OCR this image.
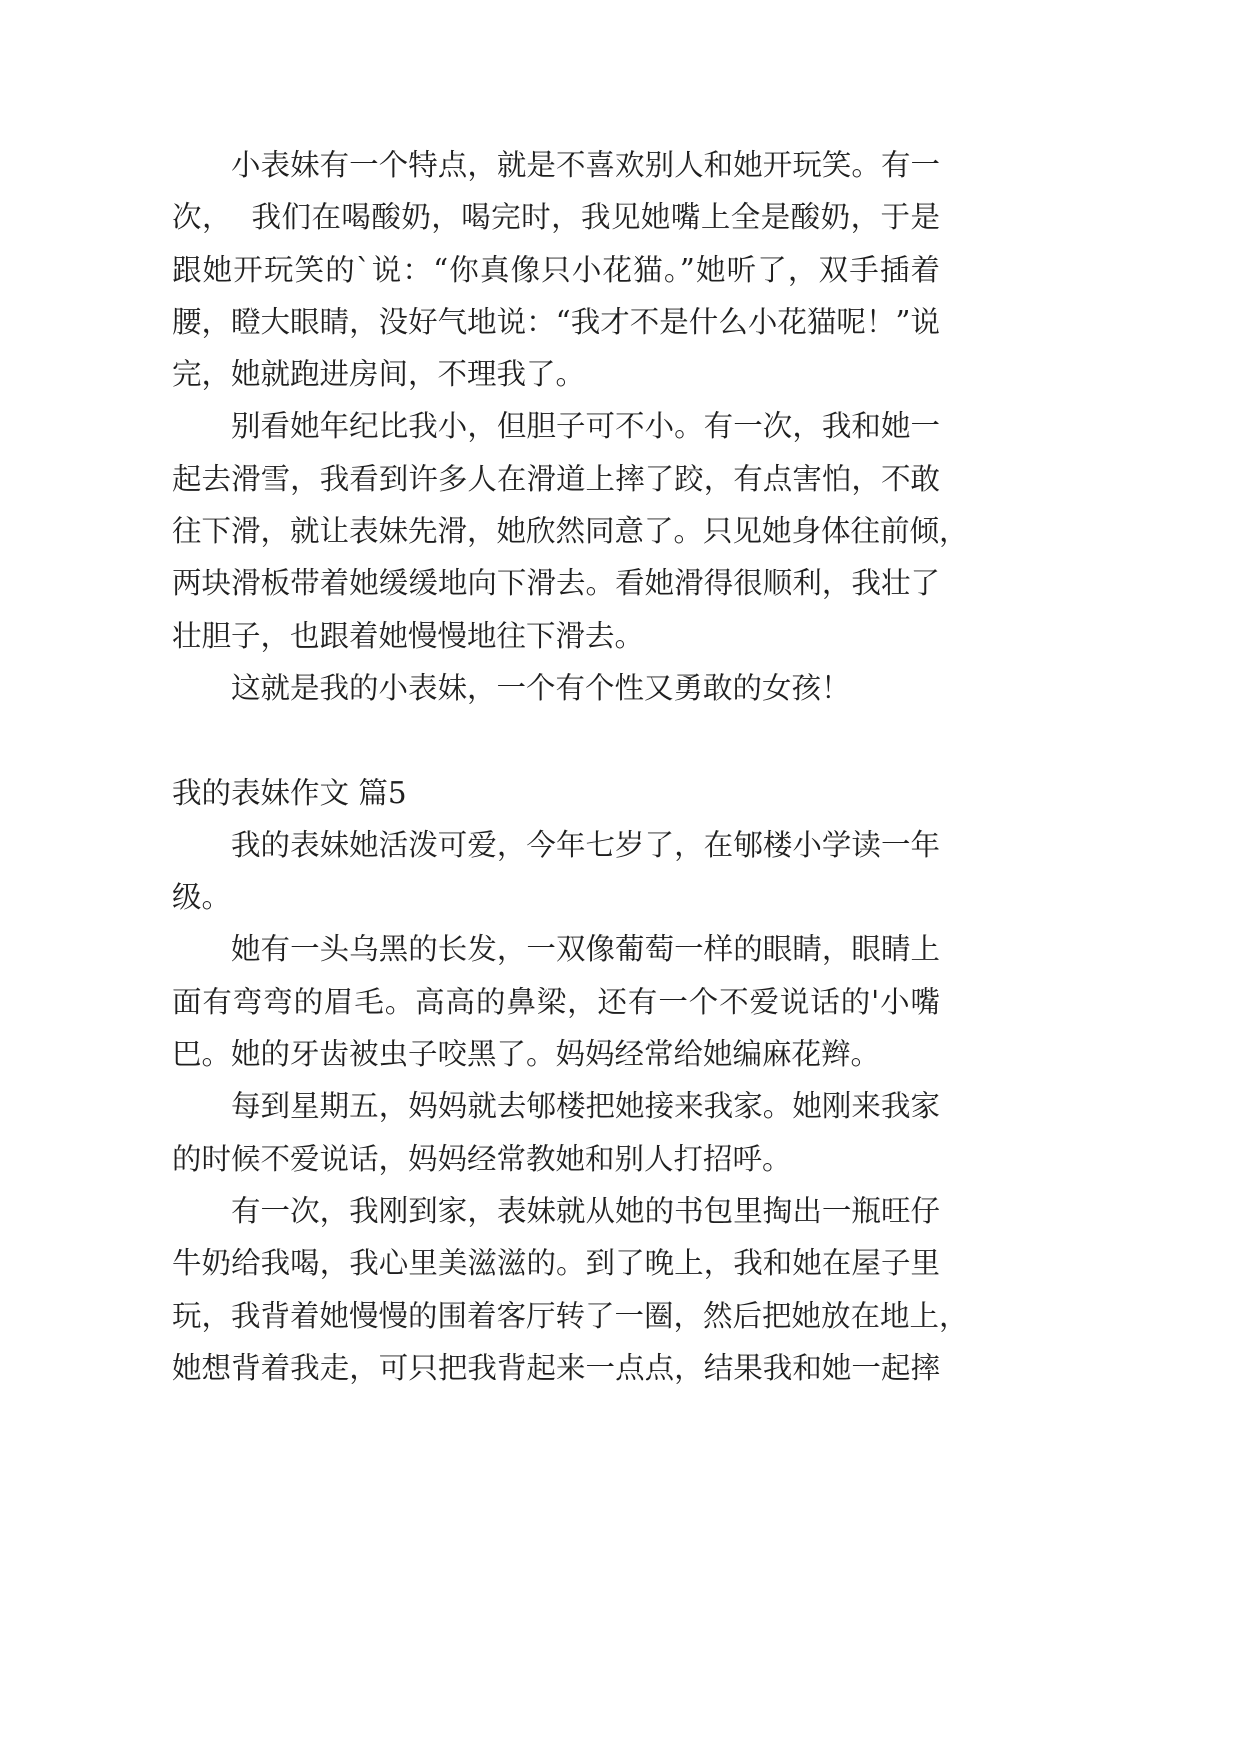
小表妹有一个特点，就是不喜欢别人和她开玩笑。有一
次，  我们在喝酸奶，喝完时，我见她嘴上全是酸奶，于是
跟她开玩笑的`说：“你真像只小花猫。”她听了，双手插着
腰，瞪大眼睛，没好气地说：“我才不是什么小花猫呢！”说
完，她就跑进房间，不理我了。
别看她年纪比我小，但胆子可不小。有一次，我和她一
起去滑雪，我看到许多人在滑道上摔了跤，有点害怕，不敢
往下滑，就让表妹先滑，她欣然同意了。只见她身体往前倾，
两块滑板带着她缓缓地向下滑去。看她滑得很顺利，我壮了
壮胆子，也跟着她慢慢地往下滑去。
这就是我的小表妹，一个有个性又勇敢的女孩！
我的表妹作文 篇5
我的表妹她活泼可爱，今年七岁了，在郇楼小学读一年
级。
她有一头乌黑的长发，一双像葡萄一样的眼睛，眼睛上
面有弯弯的眉毛。高高的鼻梁，还有一个不爱说话的'小嘴
巴。她的牙齿被虫子咬黑了。妈妈经常给她编麻花辫。
每到星期五，妈妈就去郇楼把她接来我家。她刚来我家
的时候不爱说话，妈妈经常教她和别人打招呼。
有一次，我刚到家，表妹就从她的书包里掏出一瓶旺仔
牛奶给我喝，我心里美滋滋的。到了晚上，我和她在屋子里
玩，我背着她慢慢的围着客厅转了一圈，然后把她放在地上，
她想背着我走，可只把我背起来一点点，结果我和她一起摔
